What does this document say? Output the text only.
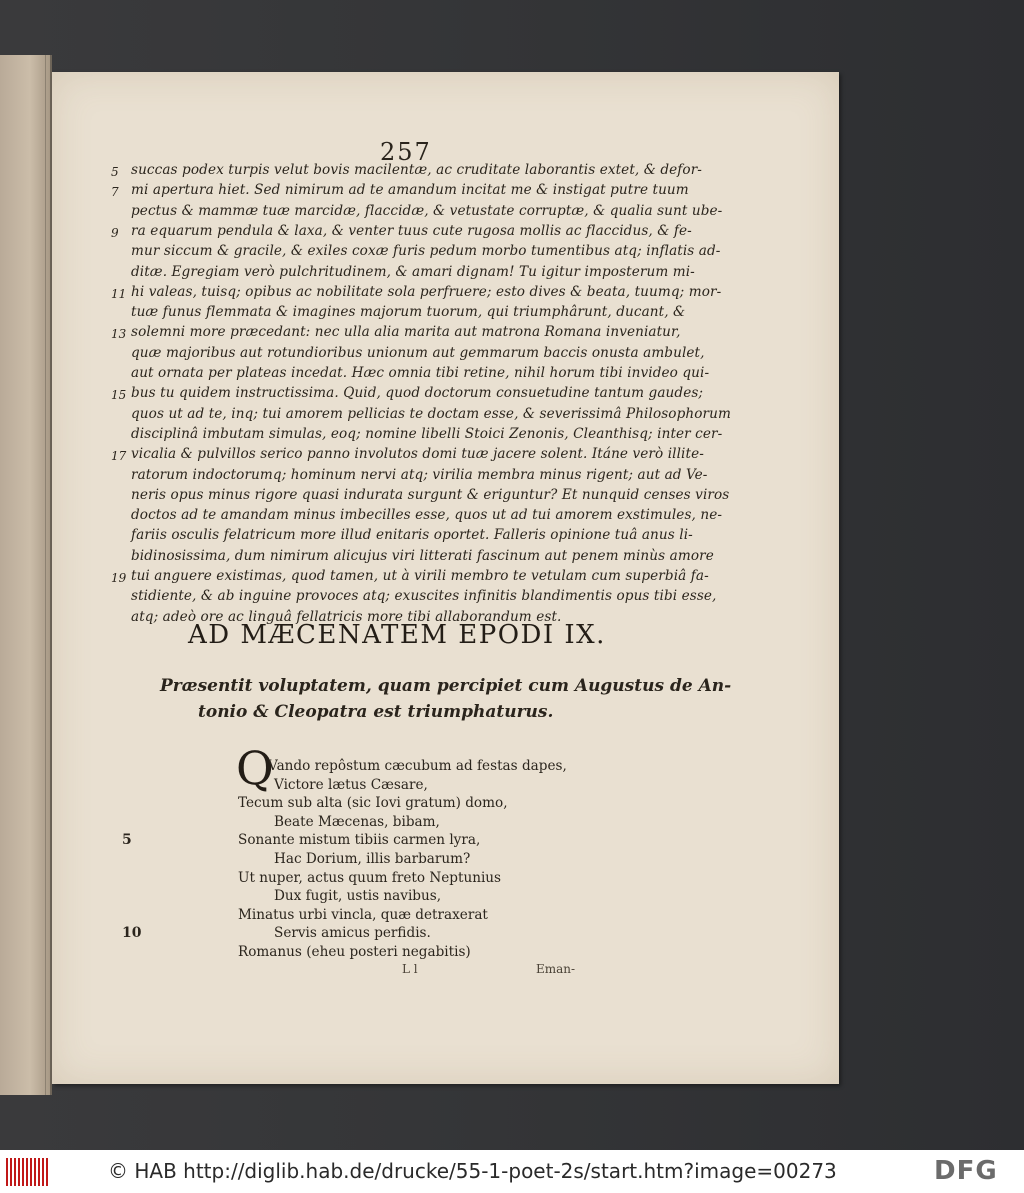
257
succas podex turpis velut bovis macilentæ, ac cruditate laborantis extet, & defor-
5
mi apertura hiet. Sed nimirum ad te amandum incitat me & instigat putre tuum
7
pectus & mammæ tuæ marcidæ, flaccidæ, & vetustate corruptæ, & qualia sunt ube-
ra equarum pendula & laxa, & venter tuus cute rugosa mollis ac flaccidus, & fe-
9
mur siccum & gracile, & exiles coxæ furis pedum morbo tumentibus atq; inflatis ad-
ditæ. Egregiam verò pulchritudinem, & amari dignam! Tu igitur imposterum mi-
hi valeas, tuisq; opibus ac nobilitate sola perfruere; esto dives & beata, tuumq; mor-
11
tuæ funus flemmata & imagines majorum tuorum, qui triumphârunt, ducant, &
solemni more præcedant: nec ulla alia marita aut matrona Romana inveniatur,
13
quæ majoribus aut rotundioribus unionum aut gemmarum baccis onusta ambulet,
aut ornata per plateas incedat. Hæc omnia tibi retine, nihil horum tibi invideo qui-
bus tu quidem instructissima. Quid, quod doctorum consuetudine tantum gaudes;
15
quos ut ad te, inq; tui amorem pellicias te doctam esse, & severissimâ Philosophorum
disciplinâ imbutam simulas, eoq; nomine libelli Stoici Zenonis, Cleanthisq; inter cer-
vicalia & pulvillos serico panno involutos domi tuæ jacere solent. Itáne verò illite-
17
ratorum indoctorumq; hominum nervi atq; virilia membra minus rigent; aut ad Ve-
neris opus minus rigore quasi indurata surgunt & eriguntur? Et nunquid censes viros
doctos ad te amandam minus imbecilles esse, quos ut ad tui amorem exstimules, ne-
fariis osculis felatricum more illud enitaris oportet. Falleris opinione tuâ anus li-
bidinosissima, dum nimirum alicujus viri litterati fascinum aut penem minùs amore
tui anguere existimas, quod tamen, ut à virili membro te vetulam cum superbiâ fa-
19
stidiente, & ab inguine provoces atq; exuscites infinitis blandimentis opus tibi esse,
atq; adeò ore ac linguâ fellatricis more tibi allaborandum est.
AD MÆCENATEM EPODI IX.
Præsentit voluptatem, quam percipiet cum Augustus de An-
tonio & Cleopatra est triumphaturus.
Q
Vando repôstum cæcubum ad festas dapes,
Victore lætus Cæsare,
Tecum sub alta (sic Iovi gratum) domo,
Beate Mæcenas, bibam,
Sonante mistum tibiis carmen lyra,
5
Hac Dorium, illis barbarum?
Ut nuper, actus quum freto Neptunius
Dux fugit, ustis navibus,
Minatus urbi vincla, quæ detraxerat
Servis amicus perfidis.
10
Romanus (eheu posteri negabitis)
L l	Eman-
© HAB http://diglib.hab.de/drucke/55-1-poet-2s/start.htm?image=00273	DFG
